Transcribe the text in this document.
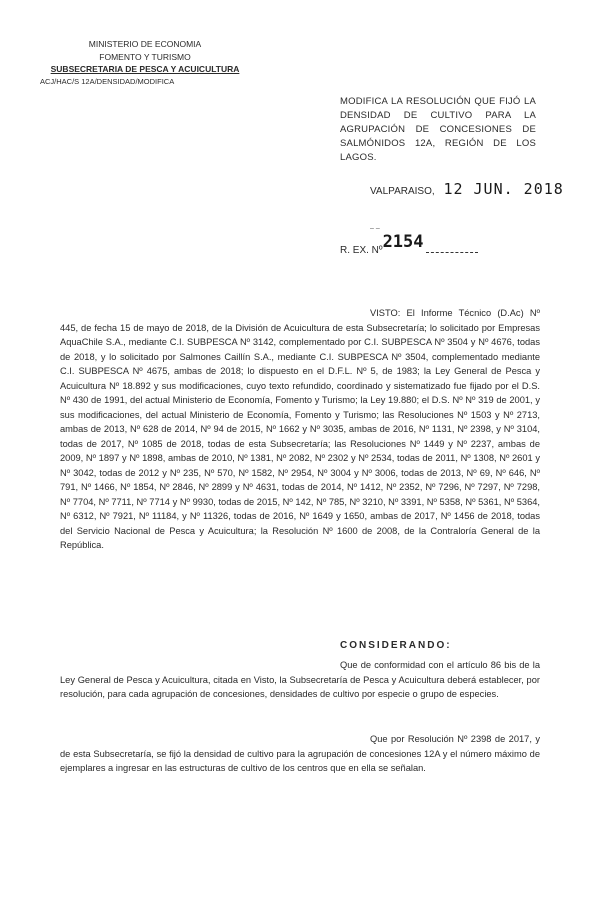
MINISTERIO DE ECONOMIA
FOMENTO Y TURISMO
SUBSECRETARIA DE PESCA Y ACUICULTURA
ACJ/HAC/S 12A/DENSIDAD/MODIFICA
MODIFICA LA RESOLUCIÓN QUE FIJÓ LA DENSIDAD DE CULTIVO PARA LA AGRUPACIÓN DE CONCESIONES DE SALMÓNIDOS 12A, REGIÓN DE LOS LAGOS.
VALPARAISO, 12 JUN. 2018
– –
R. EX. Nº2154
VISTO: El Informe Técnico (D.Ac) Nº 445, de fecha 15 de mayo de 2018, de la División de Acuicultura de esta Subsecretaría; lo solicitado por Empresas AquaChile S.A., mediante C.I. SUBPESCA Nº 3142, complementado por C.I. SUBPESCA Nº 3504 y Nº 4676, todas de 2018, y lo solicitado por Salmones Caillín S.A., mediante C.I. SUBPESCA Nº 3504, complementado mediante C.I. SUBPESCA Nº 4675, ambas de 2018; lo dispuesto en el D.F.L. Nº 5, de 1983; la Ley General de Pesca y Acuicultura Nº 18.892 y sus modificaciones, cuyo texto refundido, coordinado y sistematizado fue fijado por el D.S. Nº 430 de 1991, del actual Ministerio de Economía, Fomento y Turismo; la Ley 19.880; el D.S. Nº Nº 319 de 2001, y sus modificaciones, del actual Ministerio de Economía, Fomento y Turismo; las Resoluciones Nº 1503 y Nº 2713, ambas de 2013, Nº 628 de 2014, Nº 94 de 2015, Nº 1662 y Nº 3035, ambas de 2016, Nº 1131, Nº 2398, y Nº 3104, todas de 2017, Nº 1085 de 2018, todas de esta Subsecretaría; las Resoluciones Nº 1449 y Nº 2237, ambas de 2009, Nº 1897 y Nº 1898, ambas de 2010, Nº 1381, Nº 2082, Nº 2302 y Nº 2534, todas de 2011, Nº 1308, Nº 2601 y Nº 3042, todas de 2012 y Nº 235, Nº 570, Nº 1582, Nº 2954, Nº 3004 y Nº 3006, todas de 2013, Nº 69, Nº 646, Nº 791, Nº 1466, Nº 1854, Nº 2846, Nº 2899 y Nº 4631, todas de 2014, Nº 1412, Nº 2352, Nº 7296, Nº 7297, Nº 7298, Nº 7704, Nº 7711, Nº 7714 y Nº 9930, todas de 2015, Nº 142, Nº 785, Nº 3210, Nº 3391, Nº 5358, Nº 5361, Nº 5364, Nº 6312, Nº 7921, Nº 11184, y Nº 11326, todas de 2016, Nº 1649 y 1650, ambas de 2017, Nº 1456 de 2018, todas del Servicio Nacional de Pesca y Acuicultura; la Resolución Nº 1600 de 2008, de la Contraloría General de la República.
CONSIDERANDO:
Que de conformidad con el artículo 86 bis de la Ley General de Pesca y Acuicultura, citada en Visto, la Subsecretaría de Pesca y Acuicultura deberá establecer, por resolución, para cada agrupación de concesiones, densidades de cultivo por especie o grupo de especies.
Que por Resolución Nº 2398 de 2017, y de esta Subsecretaría, se fijó la densidad de cultivo para la agrupación de concesiones 12A y el número máximo de ejemplares a ingresar en las estructuras de cultivo de los centros que en ella se señalan.
